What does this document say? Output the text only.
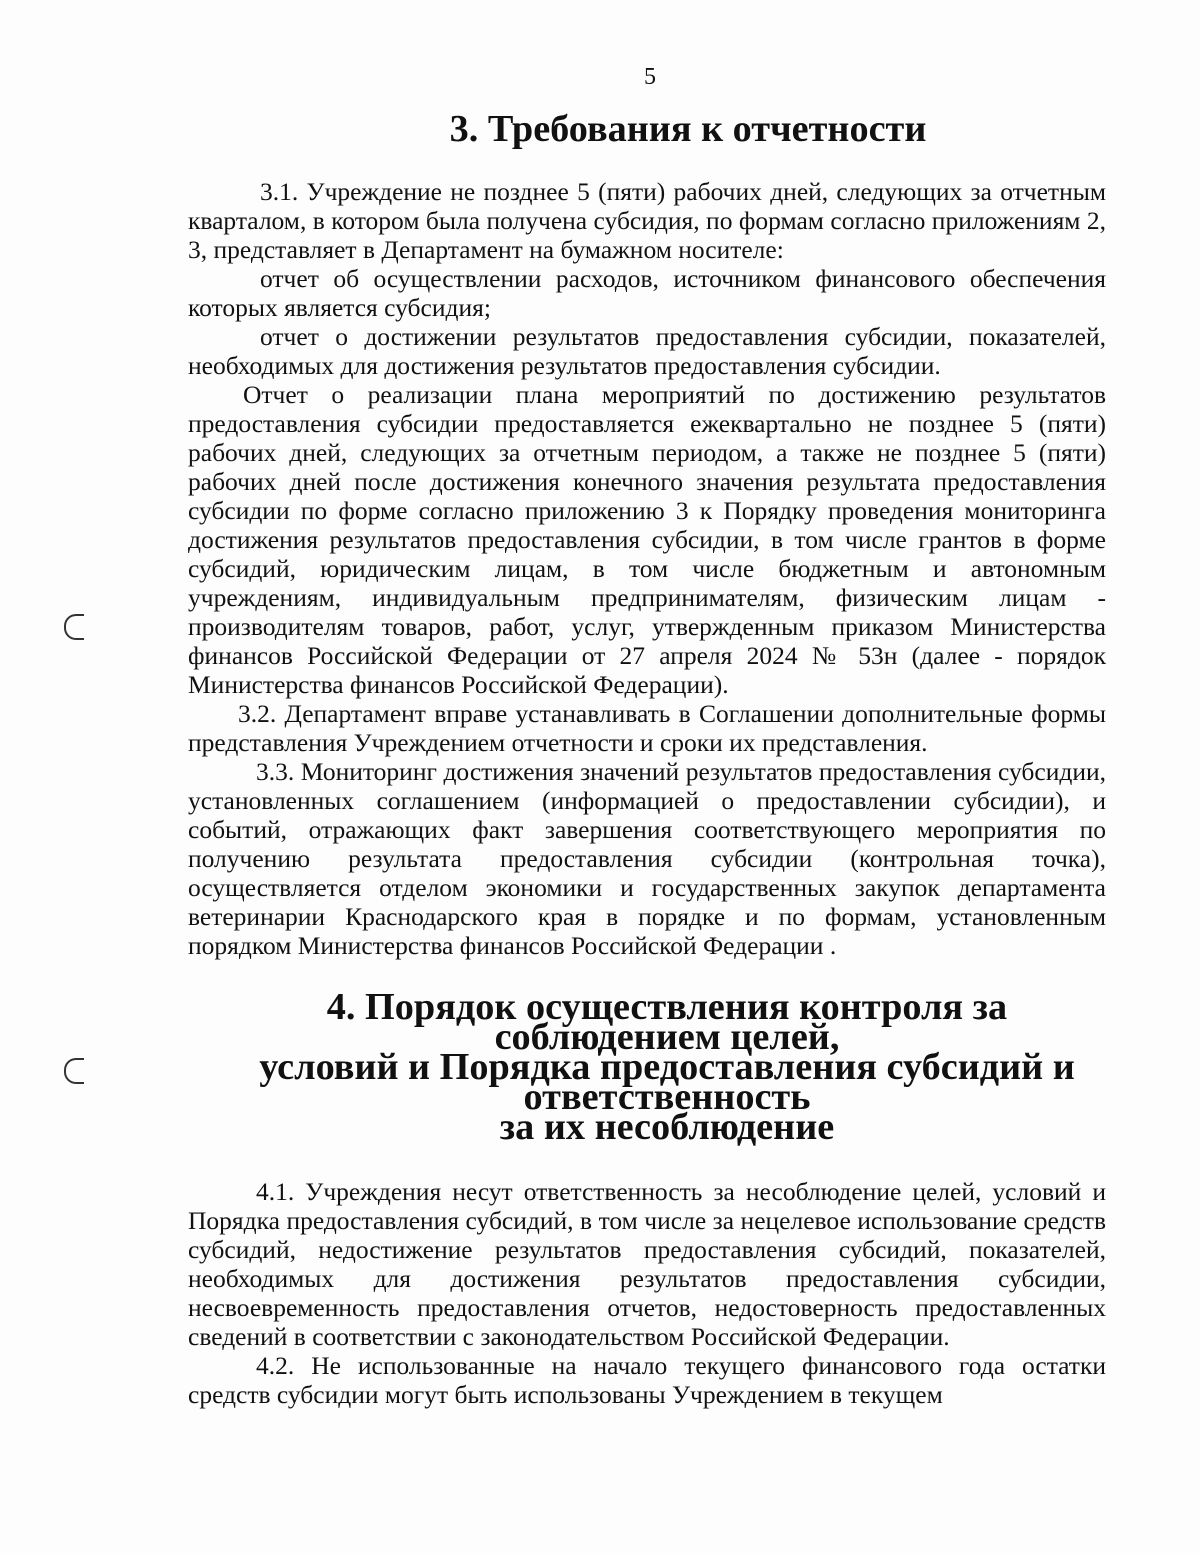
5
3. Требования к отчетности

3.1. Учреждение не позднее 5 (пяти) рабочих дней, следующих за отчетным кварталом, в котором была получена субсидия, по формам согласно приложениям 2, 3, представляет в Департамент на бумажном носителе:

отчет об осуществлении расходов, источником финансового обеспечения которых является субсидия;

отчет о достижении результатов предоставления субсидии, показателей, необходимых для достижения результатов предоставления субсидии.

Отчет о реализации плана мероприятий по достижению результатов предоставления субсидии предоставляется ежеквартально не позднее 5 (пяти) рабочих дней, следующих за отчетным периодом, а также не позднее 5 (пяти) рабочих дней после достижения конечного значения результата предоставления субсидии по форме согласно приложению 3 к Порядку проведения мониторинга достижения результатов предоставления субсидии, в том числе грантов в форме субсидий, юридическим лицам, в том числе бюджетным и автономным учреждениям, индивидуальным предпринимателям, физическим лицам - производителям товаров, работ, услуг, утвержденным приказом Министерства финансов Российской Федерации от 27 апреля 2024 № 53н (далее - порядок Министерства финансов Российской Федерации).

3.2. Департамент вправе устанавливать в Соглашении дополнительные формы представления Учреждением отчетности и сроки их представления.

3.3. Мониторинг достижения значений результатов предоставления субсидии, установленных соглашением (информацией о предоставлении субсидии), и событий, отражающих факт завершения соответствующего мероприятия по получению результата предоставления субсидии (контрольная точка), осуществляется отделом экономики и государственных закупок департамента ветеринарии Краснодарского края в порядке и по формам, установленным порядком Министерства финансов Российской Федерации .

4. Порядок осуществления контроля за соблюдением целей,
условий и Порядка предоставления субсидий и ответственность
за их несоблюдение

4.1. Учреждения несут ответственность за несоблюдение целей, условий и Порядка предоставления субсидий, в том числе за нецелевое использование средств субсидий, недостижение результатов предоставления субсидий, показателей, необходимых для достижения результатов предоставления субсидии, несвоевременность предоставления отчетов, недостоверность предоставленных сведений в соответствии с законодательством Российской Федерации.

4.2. Не использованные на начало текущего финансового года остатки средств субсидии могут быть использованы Учреждением в текущем
